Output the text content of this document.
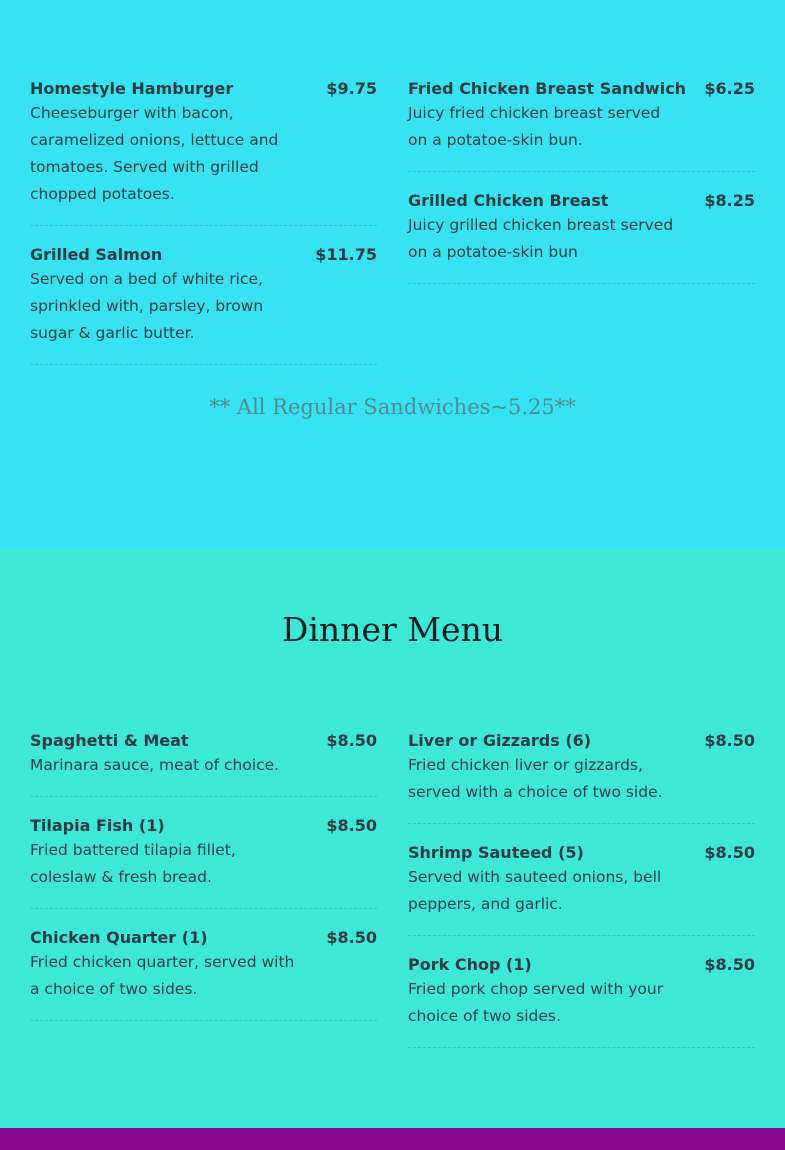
Homestyle Hamburger	$9.75
Cheeseburger with bacon, caramelized onions, lettuce and tomatoes. Served with grilled chopped potatoes.
Grilled Salmon	$11.75
Served on a bed of white rice, sprinkled with, parsley, brown sugar & garlic butter.
Fried Chicken Breast Sandwich $6.25
Juicy fried chicken breast served on a potatoe-skin bun.
Grilled Chicken Breast	$8.25
Juicy grilled chicken breast served on a potatoe-skin bun
** All Regular Sandwiches~5.25**
Dinner Menu
Spaghetti & Meat	$8.50
Marinara sauce, meat of choice.
Tilapia Fish (1)	$8.50
Fried battered tilapia fillet, coleslaw & fresh bread.
Chicken Quarter (1)	$8.50
Fried chicken quarter, served with a choice of two sides.
Liver or Gizzards (6)	$8.50
Fried chicken liver or gizzards, served with a choice of two side.
Shrimp Sauteed (5)	$8.50
Served with sauteed onions, bell peppers, and garlic.
Pork Chop (1)	$8.50
Fried pork chop served with your choice of two sides.
